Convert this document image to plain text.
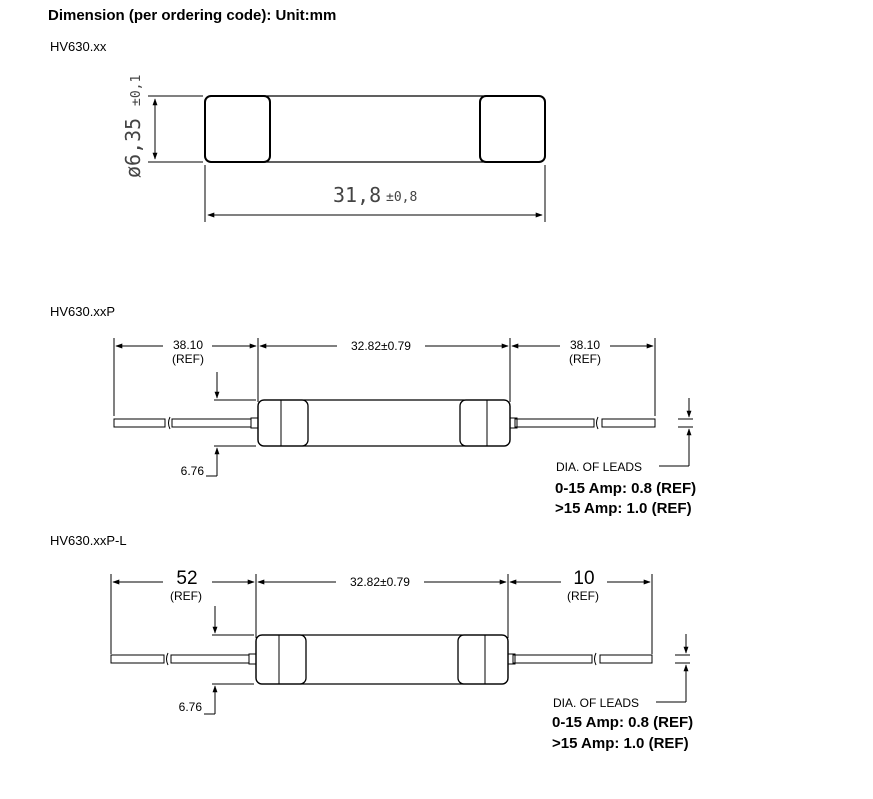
Dimension (per ordering code): Unit:mm
HV630.xx
HV630.xxP
HV630.xxP-L
ø6,35
±0,1
31,8 ±0,8
38.10
(REF)
32.82±0.79	38.10
(REF)
6.76	DIA. OF LEADS
0-15 Amp: 0.8 (REF)
>15 Amp: 1.0 (REF)
52
(REF)
32.82±0.79	10
(REF)
6.76	DIA. OF LEADS
0-15 Amp: 0.8 (REF)
>15 Amp: 1.0 (REF)
